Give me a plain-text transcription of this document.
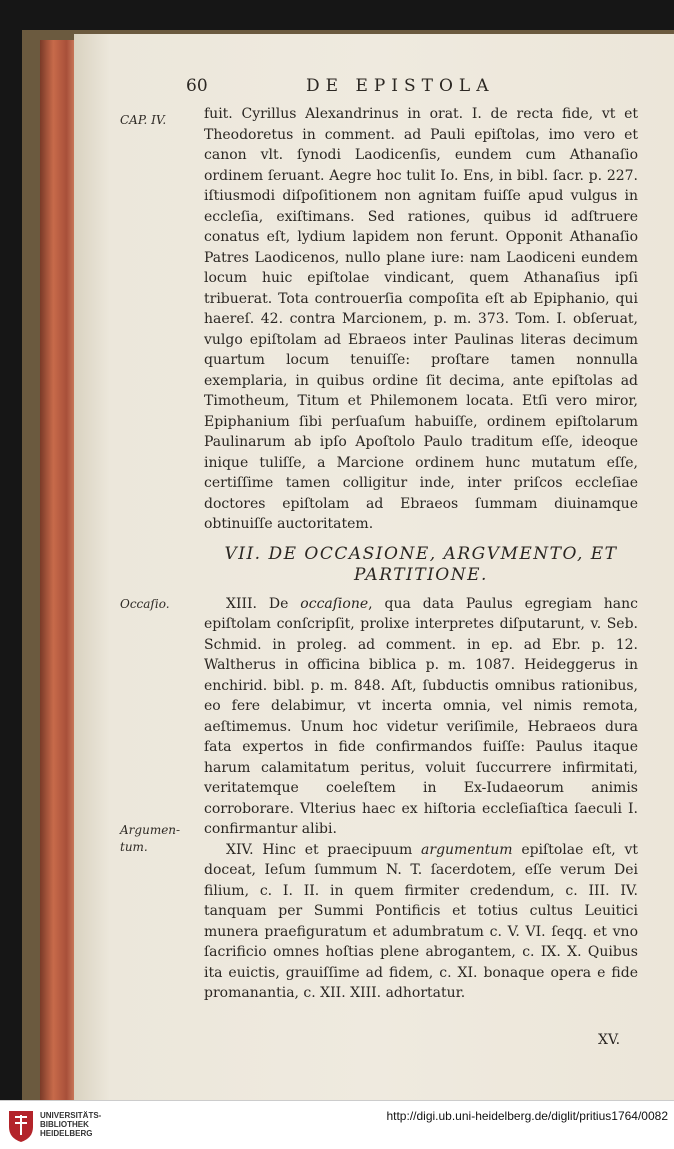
60	DE EPISTOLA
CAP. IV.
Occaſio.
Argumen-
tum.

fuit. Cyrillus Alexandrinus in orat. I. de recta fide, vt et Theodoretus in comment. ad Pauli epiſtolas, imo vero et canon vlt. ſynodi Laodicenſis, eundem cum Athanaſio ordinem ſeruant. Aegre hoc tulit Io. Ens, in bibl. ſacr. p. 227. iſtiusmodi diſpoſitionem non agnitam fuiſſe apud vulgus in eccleſia, exiſtimans. Sed rationes, quibus id adſtruere conatus eſt, lydium lapidem non ferunt. Opponit Athanaſio Patres Laodicenos, nullo plane iure: nam Laodiceni eundem locum huic epiſtolae vindicant, quem Athanaſius ipſi tribuerat. Tota controuerſia compoſita eſt ab Epiphanio, qui haereſ. 42. contra Marcionem, p. m. 373. Tom. I. obſeruat, vulgo epiſtolam ad Ebraeos inter Paulinas literas decimum quartum locum tenuiſſe: proſtare tamen nonnulla exemplaria, in quibus ordine ſit decima, ante epiſtolas ad Timotheum, Titum et Philemonem locata. Etſi vero miror, Epiphanium ſibi perſuaſum habuiſſe, ordinem epiſtolarum Paulinarum ab ipſo Apoſtolo Paulo traditum eſſe, ideoque inique tuliſſe, a Marcione ordinem hunc mutatum eſſe, certiſſime tamen colligitur inde, inter priſcos eccleſiae doctores epiſtolam ad Ebraeos ſummam diuinamque obtinuiſſe auctoritatem.

VII. DE OCCASIONE, ARGVMENTO, ET
PARTITIONE.

XIII. De occaſione, qua data Paulus egregiam hanc epiſtolam conſcripſit, prolixe interpretes diſputarunt, v. Seb. Schmid. in proleg. ad comment. in ep. ad Ebr. p. 12. Waltherus in officina biblica p. m. 1087. Heideggerus in enchirid. bibl. p. m. 848. Aſt, ſubductis omnibus rationibus, eo fere delabimur, vt incerta omnia, vel nimis remota, aeſtimemus. Unum hoc videtur veriſimile, Hebraeos dura fata expertos in fide confirmandos fuiſſe: Paulus itaque harum calamitatum peritus, voluit ſuccurrere infirmitati, veritatemque coeleſtem in Ex-Iudaeorum animis corroborare. Vlterius haec ex hiſtoria eccleſiaſtica ſaeculi I. confirmantur alibi.

XIV. Hinc et praecipuum argumentum epiſtolae eſt, vt doceat, Ieſum ſummum N. T. ſacerdotem, eſſe verum Dei filium, c. I. II. in quem firmiter credendum, c. III. IV. tanquam per Summi Pontificis et totius cultus Leuitici munera praefiguratum et adumbratum c. V. VI. ſeqq. et vno ſacrificio omnes hoſtias plene abrogantem, c. IX. X. Quibus ita euictis, grauiſſime ad fidem, c. XI. bonaque opera e fide promanantia, c. XII. XIII. adhortatur.

XV.
UNIVERSITÄTS-
BIBLIOTHEK
HEIDELBERG
http://digi.ub.uni-heidelberg.de/diglit/pritius1764/0082
